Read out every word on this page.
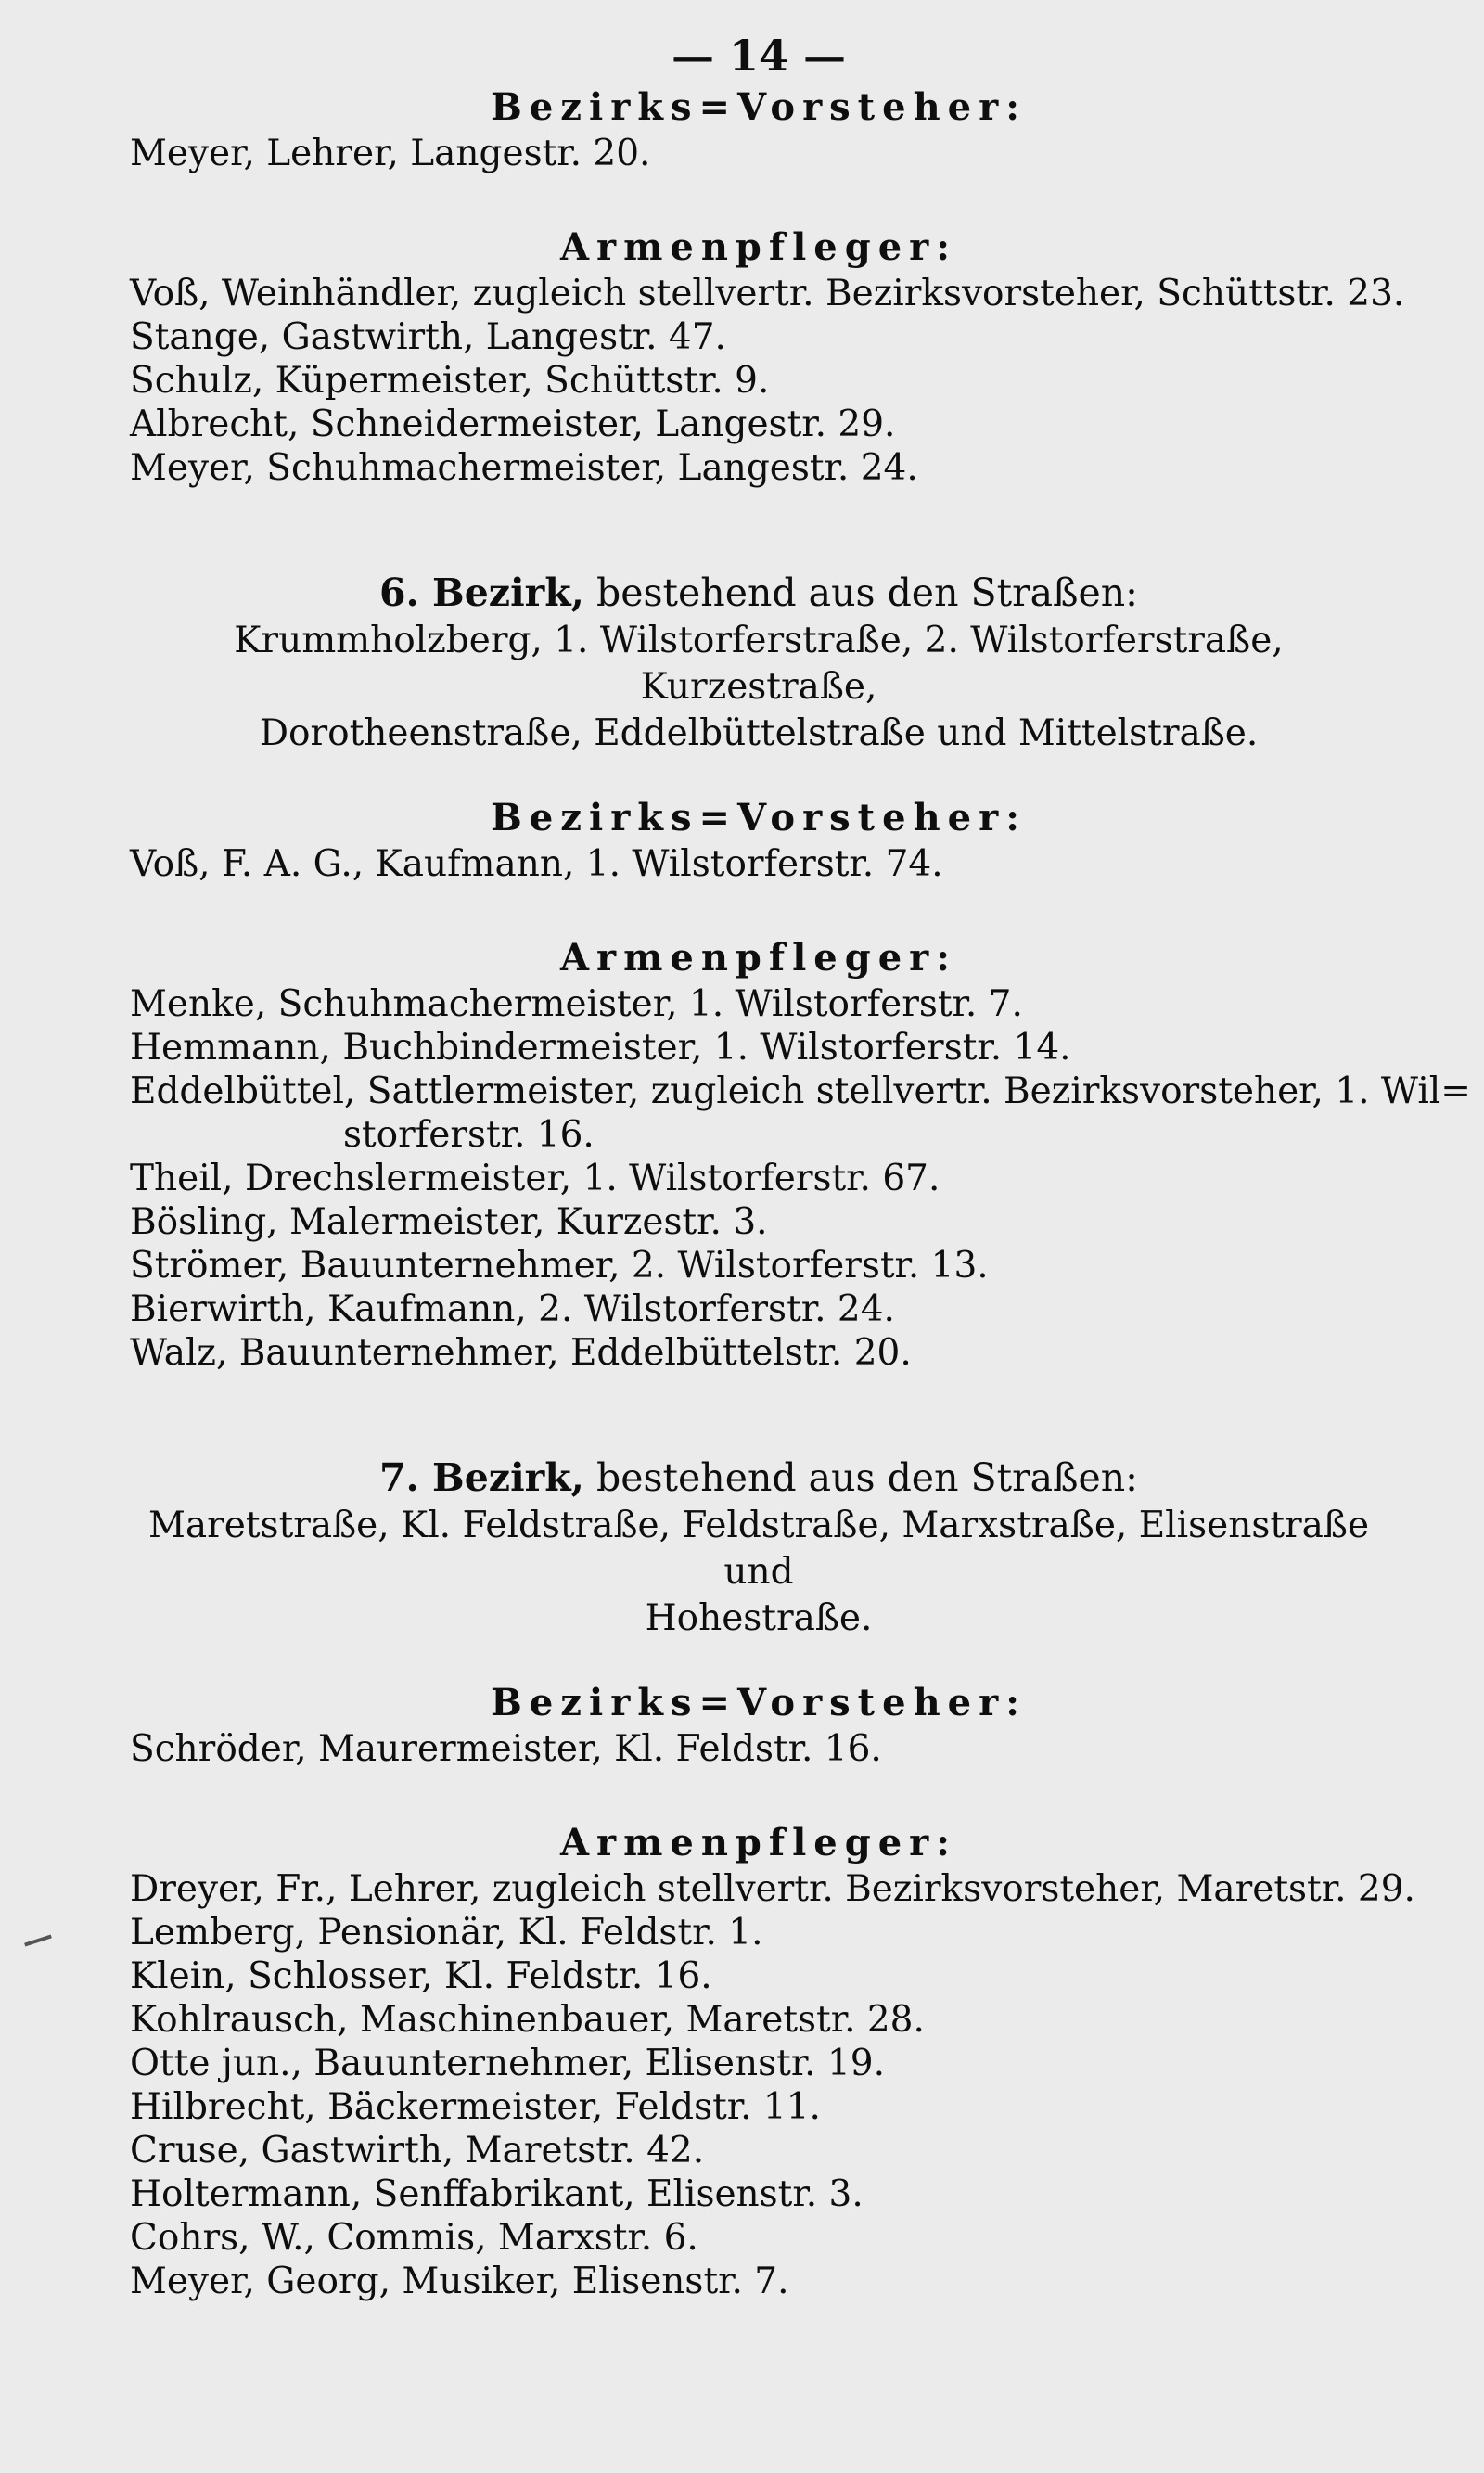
— 14 —

Bezirks=Vorsteher:

Meyer, Lehrer, Langestr. 20.

Armenpfleger:

Voß, Weinhändler, zugleich stellvertr. Bezirksvorsteher, Schüttstr. 23.

Stange, Gastwirth, Langestr. 47.

Schulz, Küpermeister, Schüttstr. 9.

Albrecht, Schneidermeister, Langestr. 29.

Meyer, Schuhmachermeister, Langestr. 24.

6. Bezirk, bestehend aus den Straßen:

Krummholzberg, 1. Wilstorferstraße, 2. Wilstorferstraße, Kurzestraße,
Dorotheenstraße, Eddelbüttelstraße und Mittelstraße.

Bezirks=Vorsteher:

Voß, F. A. G., Kaufmann, 1. Wilstorferstr. 74.

Armenpfleger:

Menke, Schuhmachermeister, 1. Wilstorferstr. 7.

Hemmann, Buchbindermeister, 1. Wilstorferstr. 14.

Eddelbüttel, Sattlermeister, zugleich stellvertr. Bezirksvorsteher, 1. Wil=

storferstr. 16.

Theil, Drechslermeister, 1. Wilstorferstr. 67.

Bösling, Malermeister, Kurzestr. 3.

Strömer, Bauunternehmer, 2. Wilstorferstr. 13.

Bierwirth, Kaufmann, 2. Wilstorferstr. 24.

Walz, Bauunternehmer, Eddelbüttelstr. 20.

7. Bezirk, bestehend aus den Straßen:

Maretstraße, Kl. Feldstraße, Feldstraße, Marxstraße, Elisenstraße und
Hohestraße.

Bezirks=Vorsteher:

Schröder, Maurermeister, Kl. Feldstr. 16.

Armenpfleger:

Dreyer, Fr., Lehrer, zugleich stellvertr. Bezirksvorsteher, Maretstr. 29.

Lemberg, Pensionär, Kl. Feldstr. 1.

Klein, Schlosser, Kl. Feldstr. 16.

Kohlrausch, Maschinenbauer, Maretstr. 28.

Otte jun., Bauunternehmer, Elisenstr. 19.

Hilbrecht, Bäckermeister, Feldstr. 11.

Cruse, Gastwirth, Maretstr. 42.

Holtermann, Senffabrikant, Elisenstr. 3.

Cohrs, W., Commis, Marxstr. 6.

Meyer, Georg, Musiker, Elisenstr. 7.
